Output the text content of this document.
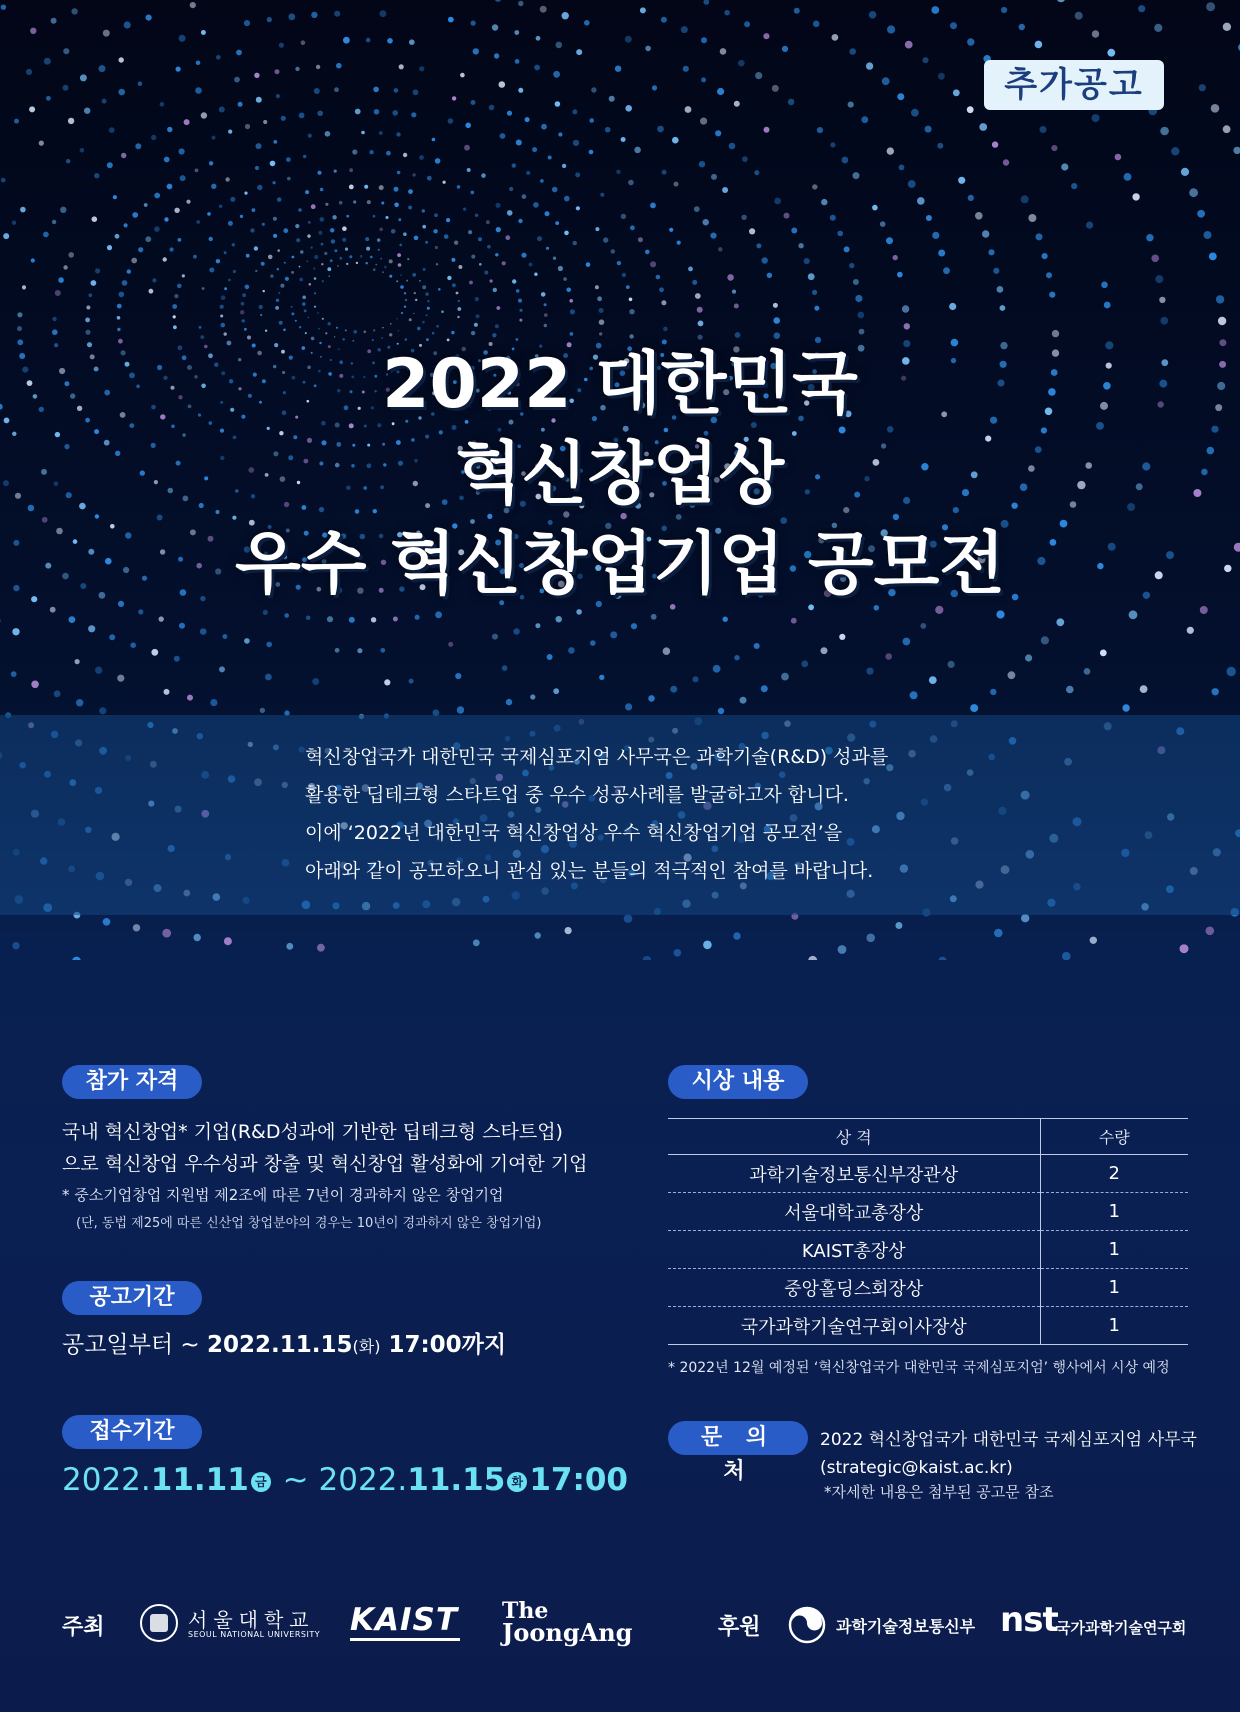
추가공고
2022 대한민국
혁신창업상
우수 혁신창업기업 공모전

혁신창업국가 대한민국 국제심포지엄 사무국은 과학기술(R&D) 성과를

활용한 딥테크형 스타트업 중 우수 성공사례를 발굴하고자 합니다.

이에 ‘2022년 대한민국 혁신창업상 우수 혁신창업기업 공모전’을

아래와 같이 공모하오니 관심 있는 분들의 적극적인 참여를 바랍니다.

참가 자격
국내 혁신창업* 기업(R&D성과에 기반한 딥테크형 스타트업)
으로 혁신창업 우수성과 창출 및 혁신창업 활성화에 기여한 기업
* 중소기업창업 지원법 제2조에 따른 7년이 경과하지 않은 창업기업
(단, 동법 제25에 따른 신산업 창업분야의 경우는 10년이 경과하지 않은 창업기업)
공고기간
공고일부터 ~ 2022.11.15(화) 17:00까지
접수기간
2022.11.11 금 ~ 2022.11.15 화 17:00
시상 내용
상 격	수량
과학기술정보통신부장관상	2
서울대학교총장상	1
KAIST총장상	1
중앙홀딩스회장상	1
국가과학기술연구회이사장상	1
* 2022년 12월 예정된 ‘혁신창업국가 대한민국 국제심포지엄’ 행사에서 시상 예정
문 의 처
2022 혁신창업국가 대한민국 국제심포지엄 사무국
(strategic@kaist.ac.kr)
*자세한 내용은 첨부된 공고문 참조
주최	서울대학교
SEOUL NATIONAL UNIVERSITY KAIST The
JoongAng	후원	과학기술정보통신부 nst
국가과학기술연구회
